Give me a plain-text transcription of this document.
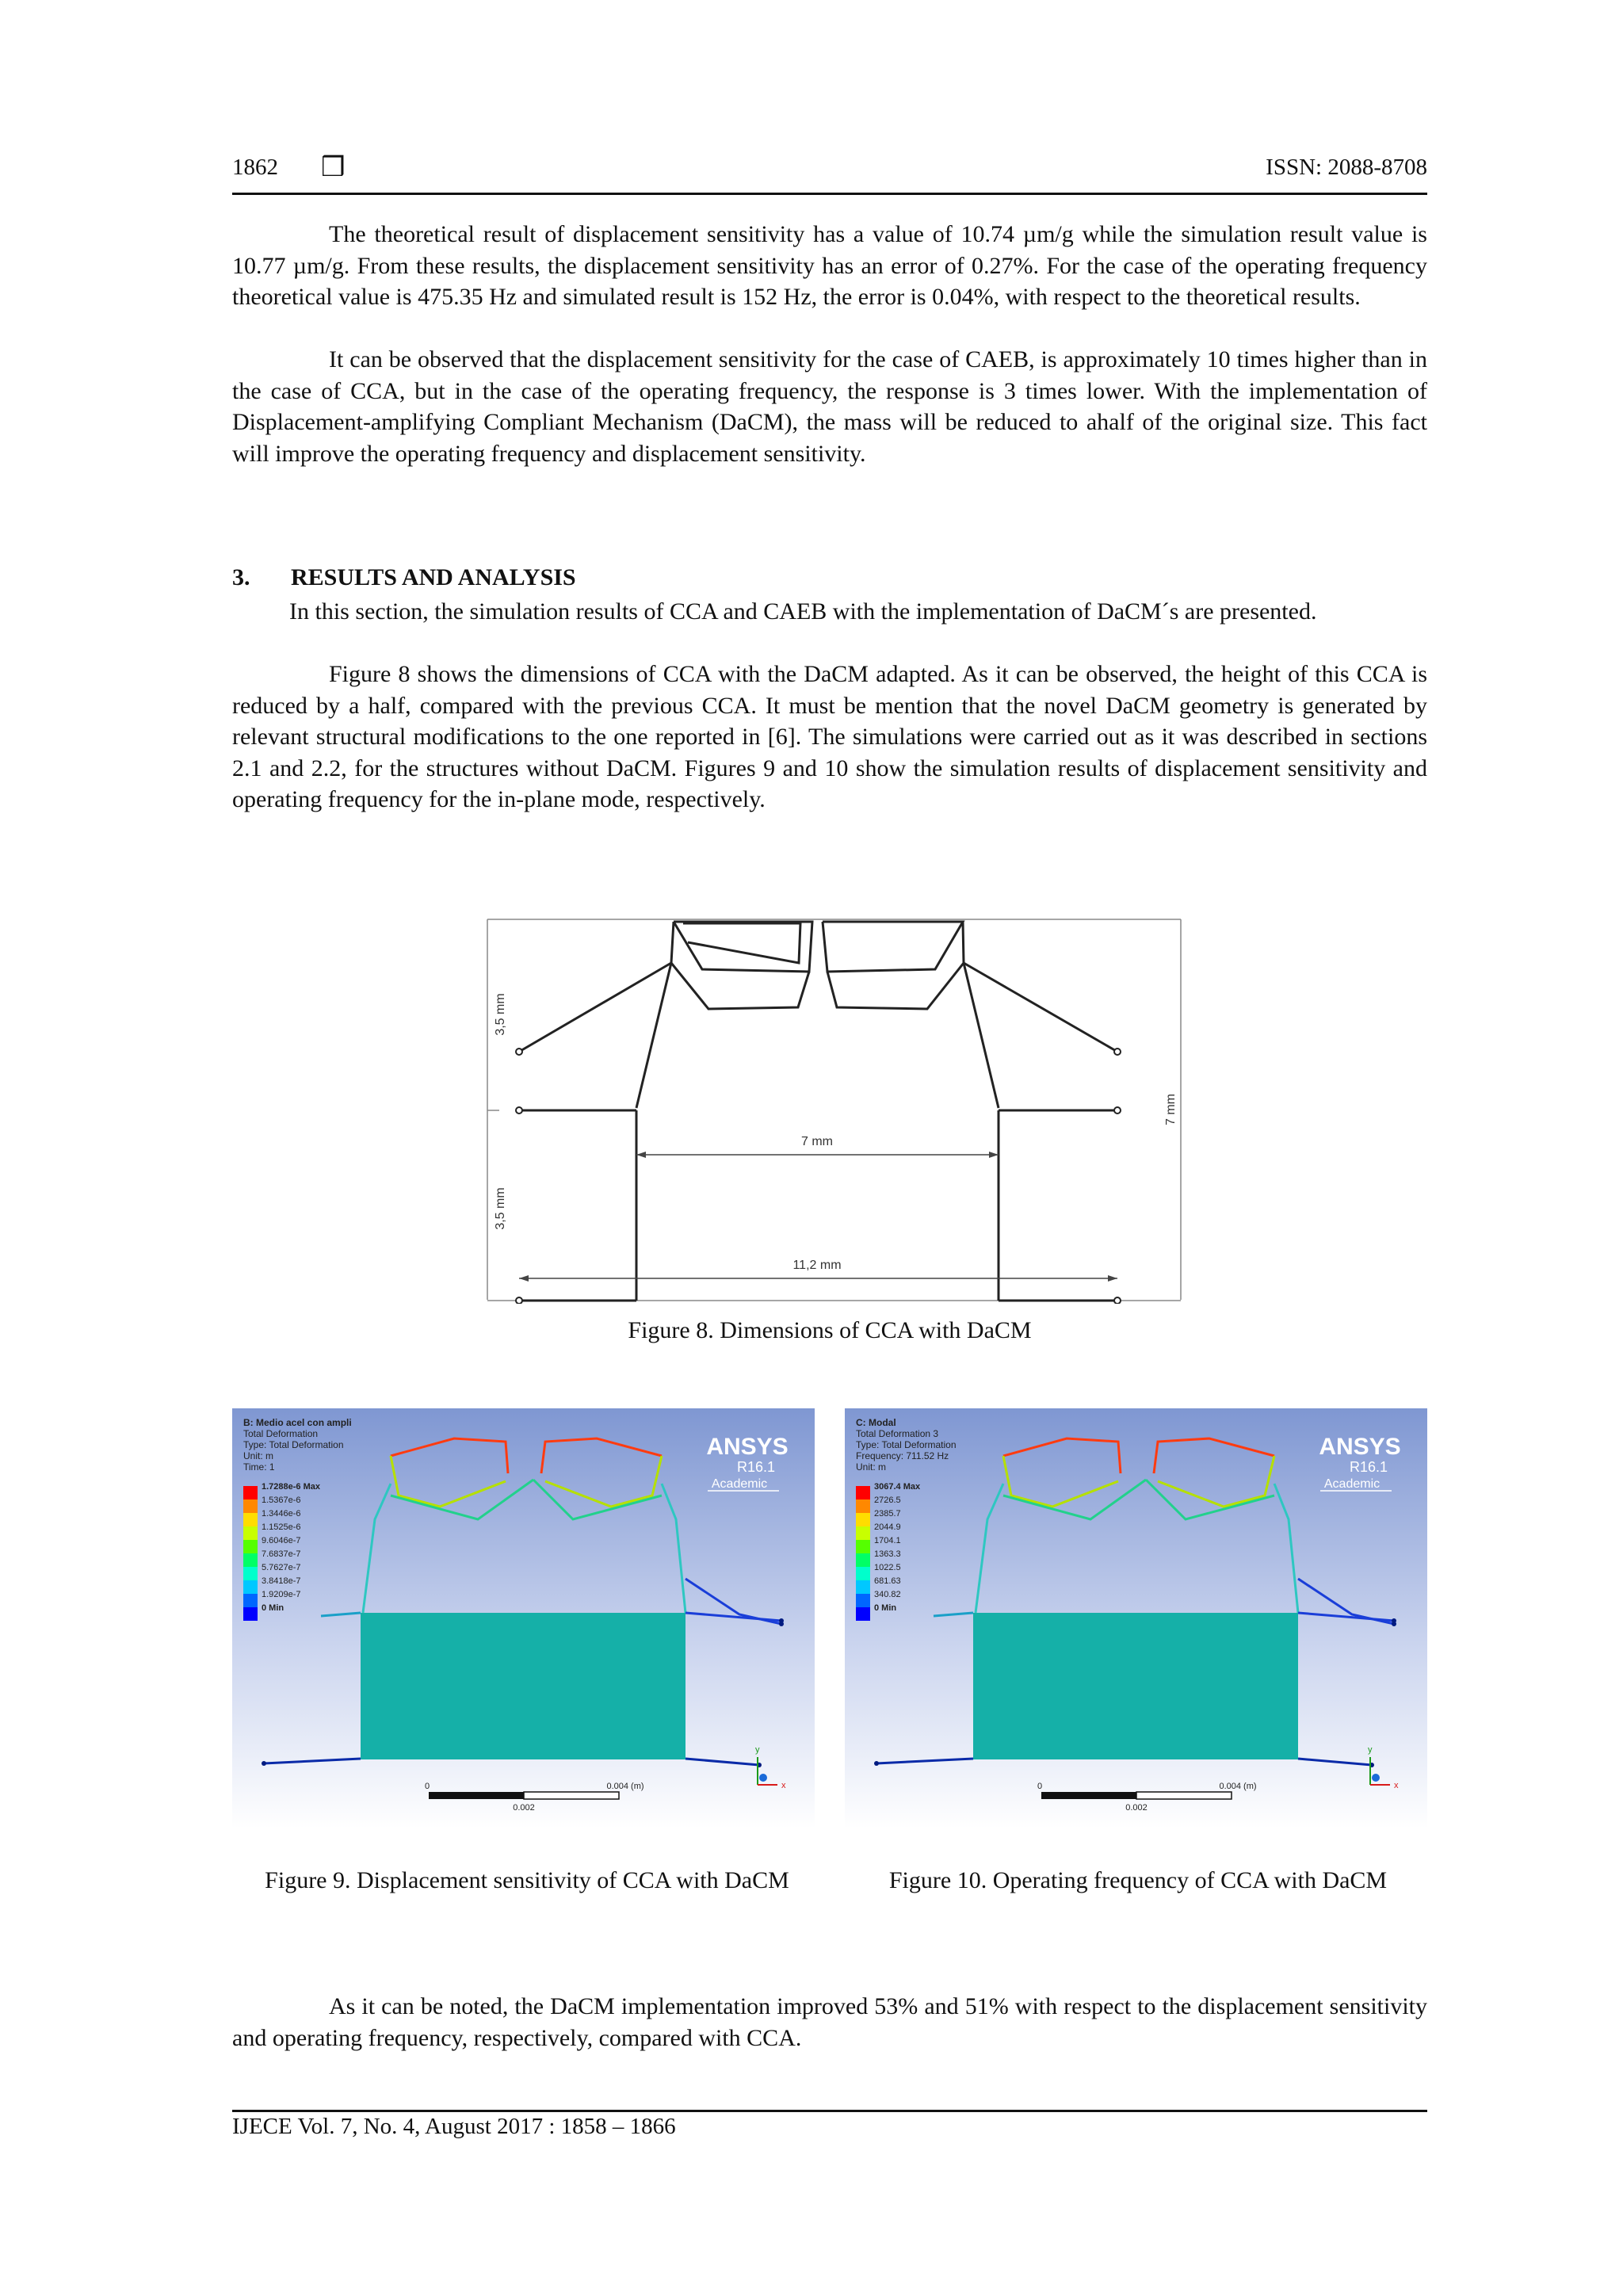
1862 ❒	ISSN: 2088-8708
The theoretical result of displacement sensitivity has a value of 10.74 µm/g while the simulation result value is 10.77 µm/g. From these results, the displacement sensitivity has an error of 0.27%. For the case of the operating frequency theoretical value is 475.35 Hz and simulated result is 152 Hz, the error is 0.04%, with respect to the theoretical results.
It can be observed that the displacement sensitivity for the case of CAEB, is approximately 10 times higher than in the case of CCA, but in the case of the operating frequency, the response is 3 times lower. With the implementation of Displacement-amplifying Compliant Mechanism (DaCM), the mass will be reduced to ahalf of the original size. This fact will improve the operating frequency and displacement sensitivity.
3. RESULTS AND ANALYSIS
In this section, the simulation results of CCA and CAEB with the implementation of DaCM´s are presented.
Figure 8 shows the dimensions of CCA with the DaCM adapted. As it can be observed, the height of this CCA is reduced by a half, compared with the previous CCA. It must be mention that the novel DaCM geometry is generated by relevant structural modifications to the one reported in [6]. The simulations were carried out as it was described in sections 2.1 and 2.2, for the structures without DaCM. Figures 9 and 10 show the simulation results of displacement sensitivity and operating frequency for the in-plane mode, respectively.
7 mm
11,2 mm
3,5 mm
3,5 mm
7 mm
Figure 8. Dimensions of CCA with DaCM
B: Medio acel con ampli
Total Deformation
Type: Total Deformation
Unit: m
Time: 1
1.7288e-6 Max
1.5367e-6
1.3446e-6
1.1525e-6
9.6046e-7
7.6837e-7
5.7627e-7
3.8418e-7
1.9209e-7
0 Min
ANSYS
R16.1
Academic
0	0.004 (m)
0.002
y
x
C: Modal
Total Deformation 3
Type: Total Deformation
Frequency: 711.52 Hz
Unit: m
3067.4 Max
2726.5
2385.7
2044.9
1704.1
1363.3
1022.5
681.63
340.82
0 Min
ANSYS
R16.1
Academic
0	0.004 (m)
0.002
y
x
Figure 9. Displacement sensitivity of CCA with DaCM	Figure 10. Operating frequency of CCA with DaCM
As it can be noted, the DaCM implementation improved 53% and 51% with respect to the displacement sensitivity and operating frequency, respectively, compared with CCA.
IJECE Vol. 7, No. 4, August 2017 : 1858 – 1866
